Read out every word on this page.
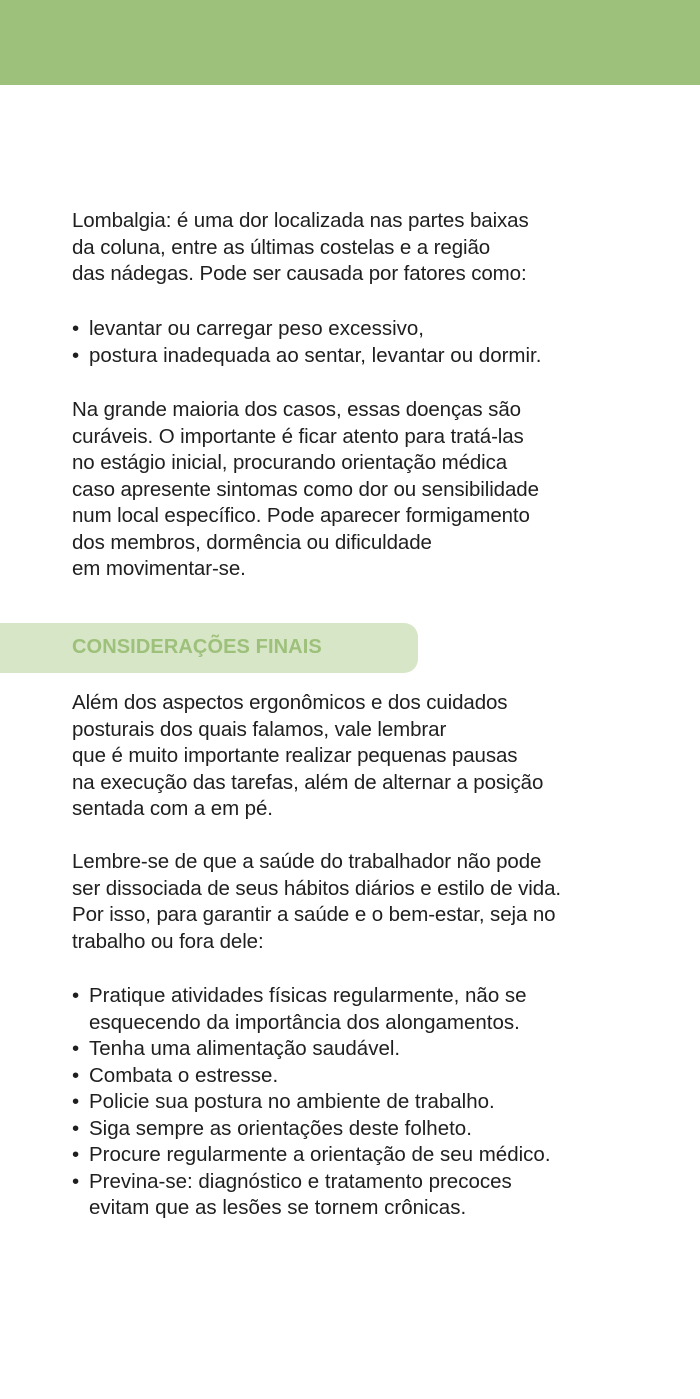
Lombalgia: é uma dor localizada nas partes baixas
da coluna, entre as últimas costelas e a região
das nádegas. Pode ser causada por fatores como:

• levantar ou carregar peso excessivo,
• postura inadequada ao sentar, levantar ou dormir.

Na grande maioria dos casos, essas doenças são
curáveis. O importante é ficar atento para tratá-las
no estágio inicial, procurando orientação médica
caso apresente sintomas como dor ou sensibilidade
num local específico. Pode aparecer formigamento
dos membros, dormência ou dificuldade
em movimentar-se.

CONSIDERAÇÕES FINAIS

Além dos aspectos ergonômicos e dos cuidados
posturais dos quais falamos, vale lembrar
que é muito importante realizar pequenas pausas
na execução das tarefas, além de alternar a posição
sentada com a em pé.

Lembre-se de que a saúde do trabalhador não pode
ser dissociada de seus hábitos diários e estilo de vida.
Por isso, para garantir a saúde e o bem-estar, seja no
trabalho ou fora dele:

• Pratique atividades físicas regularmente, não se
esquecendo da importância dos alongamentos.
• Tenha uma alimentação saudável.
• Combata o estresse.
• Policie sua postura no ambiente de trabalho.
• Siga sempre as orientações deste folheto.
• Procure regularmente a orientação de seu médico.
• Previna-se: diagnóstico e tratamento precoces
evitam que as lesões se tornem crônicas.
